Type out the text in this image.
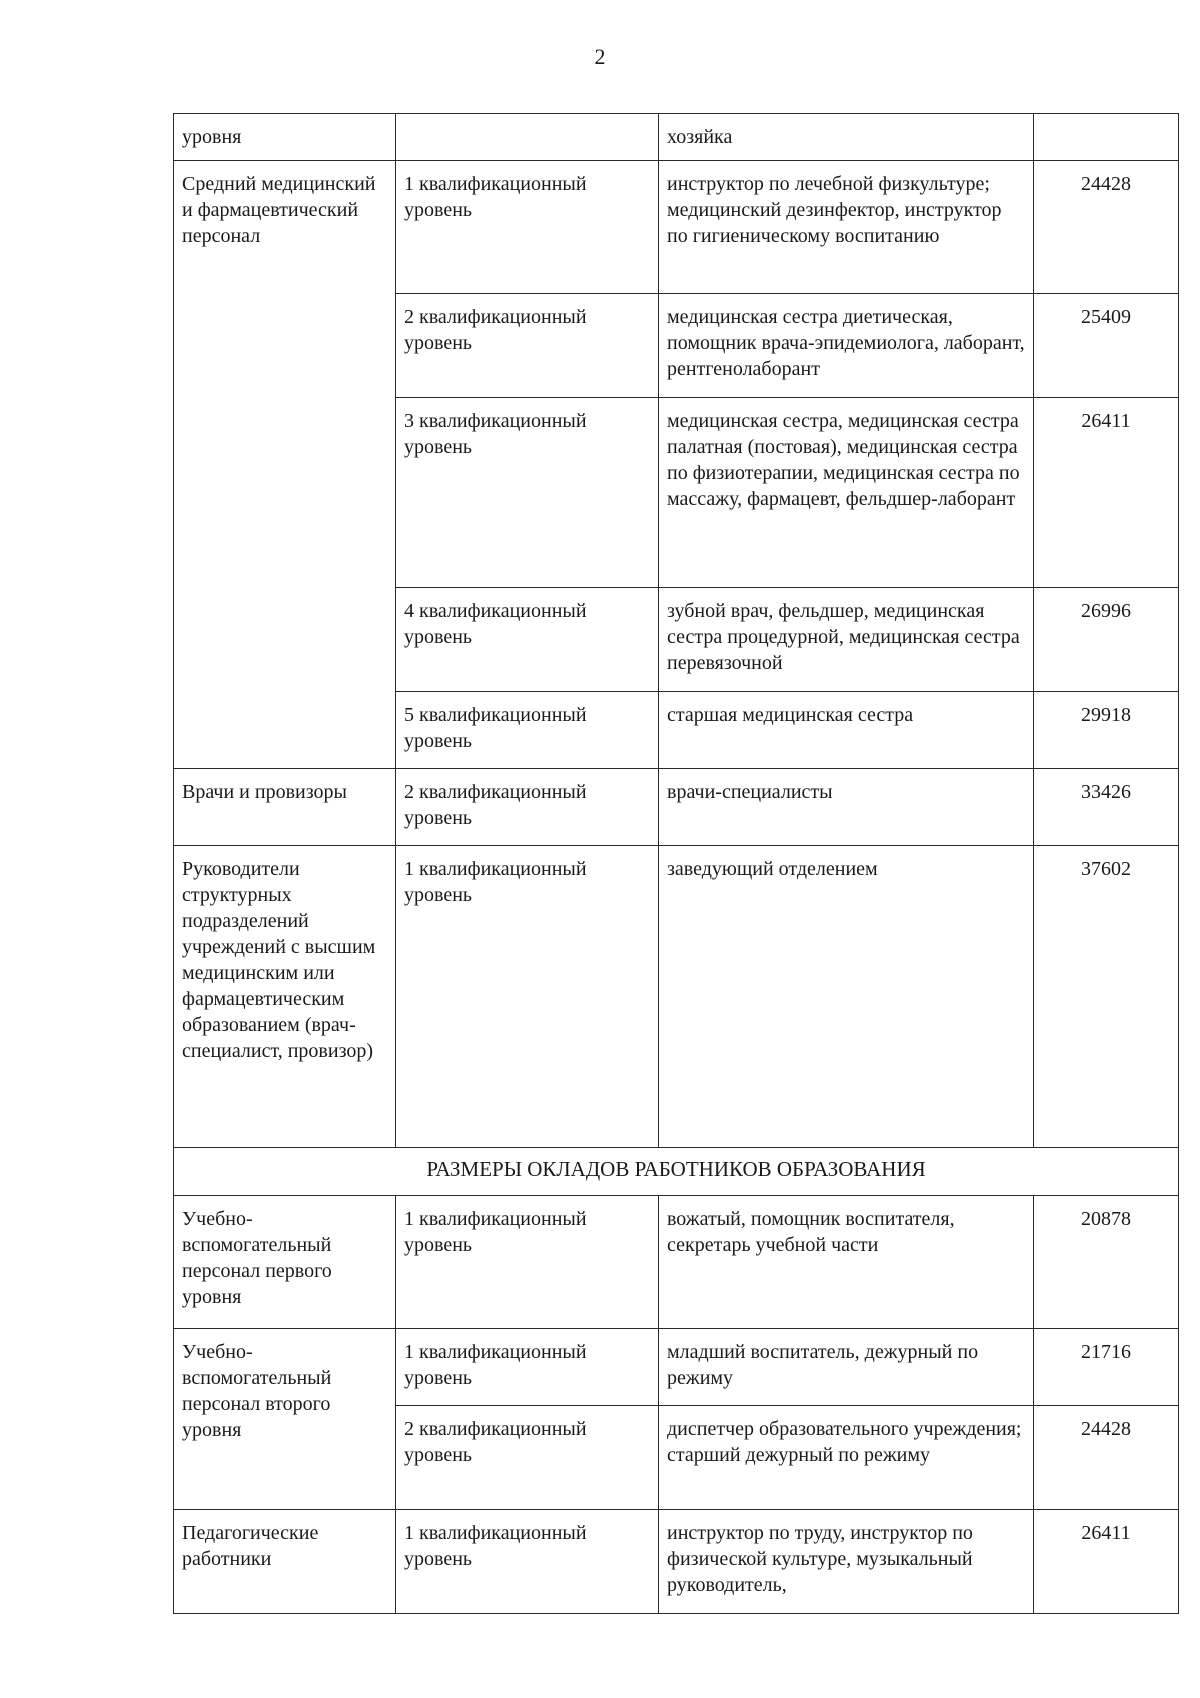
2
уровня		хозяйка	
Средний медицинский и фармацевтический персонал	1 квалификационный уровень	инструктор по лечебной физкультуре; медицинский дезинфектор, инструктор по гигиеническому воспитанию	24428
	2 квалификационный уровень	медицинская сестра диетическая, помощник врача-эпидемиолога, лаборант, рентгенолаборант	25409
	3 квалификационный уровень	медицинская сестра, медицинская сестра палатная (постовая), медицинская сестра по физиотерапии, медицинская сестра по массажу, фармацевт, фельдшер-лаборант	26411
	4 квалификационный уровень	зубной врач, фельдшер, медицинская сестра процедурной, медицинская сестра перевязочной	26996
	5 квалификационный уровень	старшая медицинская сестра	29918
Врачи и провизоры	2 квалификационный уровень	врачи-специалисты	33426
Руководители структурных подразделений учреждений с высшим медицинским или фармацевтическим образованием (врач-специалист, провизор)	1 квалификационный уровень	заведующий отделением	37602
РАЗМЕРЫ ОКЛАДОВ РАБОТНИКОВ ОБРАЗОВАНИЯ			
Учебно-вспомогательный персонал первого уровня	1 квалификационный уровень	вожатый, помощник воспитателя, секретарь учебной части	20878
Учебно-вспомогательный персонал второго уровня	1 квалификационный уровень	младший воспитатель, дежурный по режиму	21716
	2 квалификационный уровень	диспетчер образовательного учреждения; старший дежурный по режиму	24428
Педагогические работники	1 квалификационный уровень	инструктор по труду, инструктор по физической культуре, музыкальный руководитель,	26411
